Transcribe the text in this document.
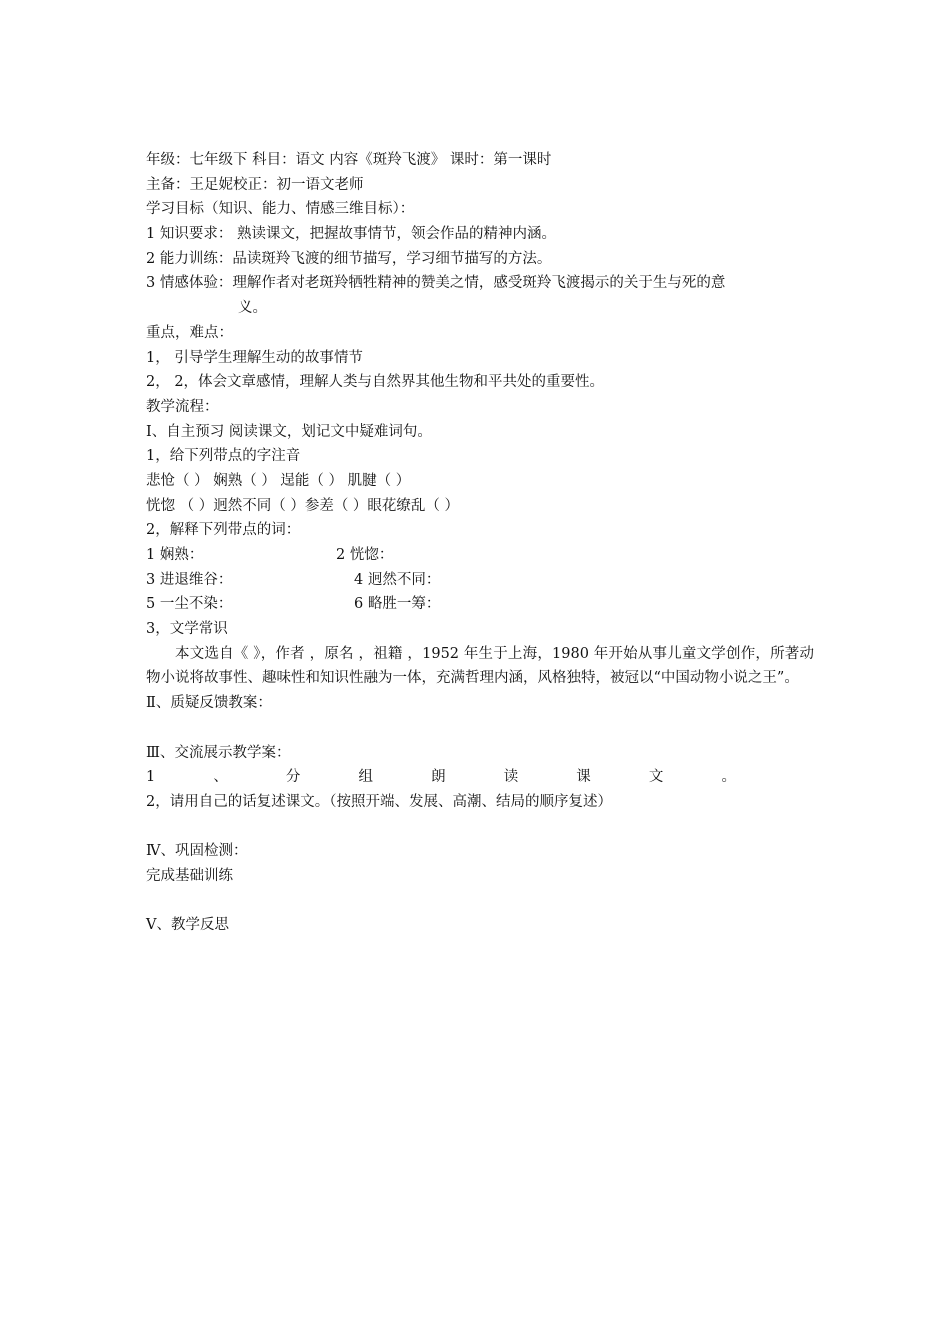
年级：七年级下 科目：语文 内容《斑羚飞渡》 课时：第一课时
主备：王足妮校正：初一语文老师
学习目标（知识、能力、情感三维目标）：
1 知识要求： 熟读课文，把握故事情节，领会作品的精神内涵。
2 能力训练：品读斑羚飞渡的细节描写，学习细节描写的方法。
3 情感体验：理解作者对老斑羚牺牲精神的赞美之情，感受斑羚飞渡揭示的关于生与死的意
义。
重点，难点：
1， 引导学生理解生动的故事情节
2， 2，体会文章感情，理解人类与自然界其他生物和平共处的重要性。
教学流程：
Ⅰ、自主预习 阅读课文，划记文中疑难词句。
1，给下列带点的字注音
悲怆（ ） 娴熟（ ） 逞能（ ） 肌腱（ ）
恍惚 （ ）迥然不同（ ）参差（ ）眼花缭乱（ ）
2，解释下列带点的词：
1 娴熟：	2 恍惚：
3 进退维谷：	4 迥然不同：
5 一尘不染：	6 略胜一筹：
3，文学常识
本文选自《 》，作者 ，原名 ，祖籍 ，1952 年生于上海，1980 年开始从事儿童文学创作，所著动物小说将故事性、趣味性和知识性融为一体，充满哲理内涵，风格独特，被冠以“中国动物小说之王”。
Ⅱ、质疑反馈教案：
Ⅲ、交流展示教学案：
1	、	分	组	朗	读	课	文	。
2，请用自己的话复述课文。（按照开端、发展、高潮、结局的顺序复述）
Ⅳ、巩固检测：
完成基础训练
Ⅴ、教学反思
